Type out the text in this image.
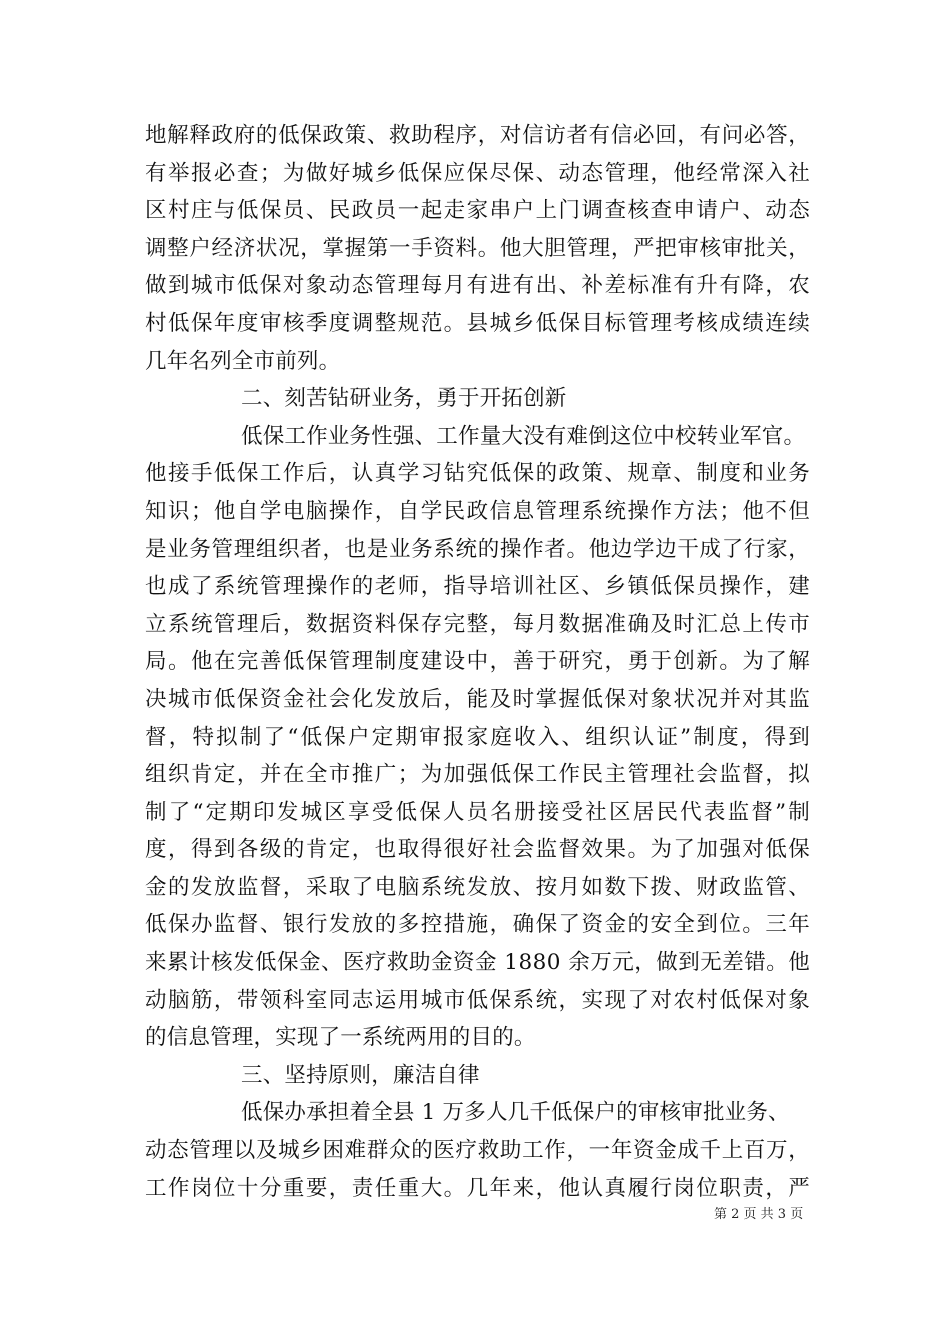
地解释政府的低保政策、救助程序，对信访者有信必回，有问必答，
有举报必查；为做好城乡低保应保尽保、动态管理，他经常深入社
区村庄与低保员、民政员一起走家串户上门调查核查申请户、动态
调整户经济状况，掌握第一手资料。他大胆管理，严把审核审批关，
做到城市低保对象动态管理每月有进有出、补差标准有升有降，农
村低保年度审核季度调整规范。县城乡低保目标管理考核成绩连续
几年名列全市前列。
二、刻苦钻研业务，勇于开拓创新
低保工作业务性强、工作量大没有难倒这位中校转业军官。
他接手低保工作后，认真学习钻究低保的政策、规章、制度和业务
知识；他自学电脑操作，自学民政信息管理系统操作方法；他不但
是业务管理组织者，也是业务系统的操作者。他边学边干成了行家，
也成了系统管理操作的老师，指导培训社区、乡镇低保员操作，建
立系统管理后，数据资料保存完整，每月数据准确及时汇总上传市
局。他在完善低保管理制度建设中，善于研究，勇于创新。为了解
决城市低保资金社会化发放后，能及时掌握低保对象状况并对其监
督，特拟制了“低保户定期审报家庭收入、组织认证”制度，得到
组织肯定，并在全市推广；为加强低保工作民主管理社会监督，拟
制了“定期印发城区享受低保人员名册接受社区居民代表监督”制
度，得到各级的肯定，也取得很好社会监督效果。为了加强对低保
金的发放监督，采取了电脑系统发放、按月如数下拨、财政监管、
低保办监督、银行发放的多控措施，确保了资金的安全到位。三年
来累计核发低保金、医疗救助金资金 1880 余万元，做到无差错。他
动脑筋，带领科室同志运用城市低保系统，实现了对农村低保对象
的信息管理，实现了一系统两用的目的。
三、坚持原则，廉洁自律
低保办承担着全县 1 万多人几千低保户的审核审批业务、
动态管理以及城乡困难群众的医疗救助工作，一年资金成千上百万，
工作岗位十分重要，责任重大。几年来，他认真履行岗位职责，严
第 2 页 共 3 页
